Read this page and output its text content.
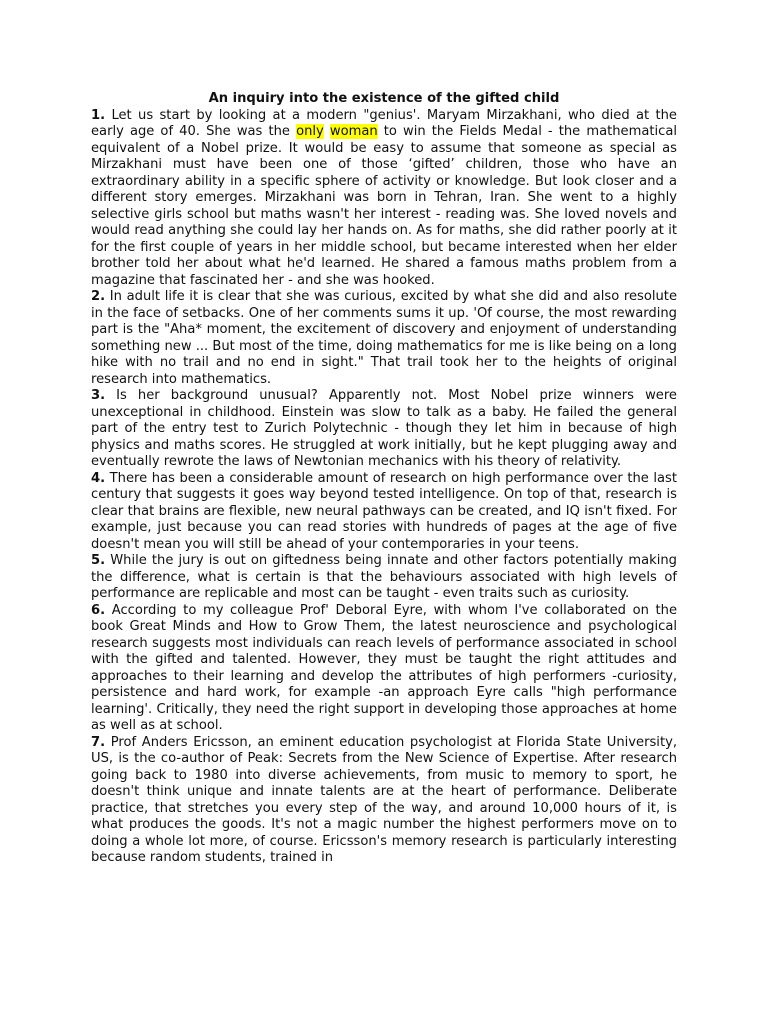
An inquiry into the existence of the gifted child

1. Let us start by looking at a modern "genius'. Maryam Mirzakhani, who died at the early age of 40. She was the only woman to win the Fields Medal - the mathematical equivalent of a Nobel prize. It would be easy to assume that someone as special as Mirzakhani must have been one of those ‘gifted’ children, those who have an extraordinary ability in a specific sphere of activity or knowledge. But look closer and a different story emerges. Mirzakhani was born in Tehran, Iran. She went to a highly selective girls school but maths wasn't her interest - reading was. She loved novels and would read anything she could lay her hands on. As for maths, she did rather poorly at it for the first couple of years in her middle school, but became interested when her elder brother told her about what he'd learned. He shared a famous maths problem from a magazine that fascinated her - and she was hooked.

2. In adult life it is clear that she was curious, excited by what she did and also resolute in the face of setbacks. One of her comments sums it up. 'Of course, the most rewarding part is the "Aha* moment, the excitement of discovery and enjoyment of understanding something new ... But most of the time, doing mathematics for me is like being on a long hike with no trail and no end in sight." That trail took her to the heights of original research into mathematics.

3. Is her background unusual? Apparently not. Most Nobel prize winners were unexceptional in childhood. Einstein was slow to talk as a baby. He failed the general part of the entry test to Zurich Polytechnic - though they let him in because of high physics and maths scores. He struggled at work initially, but he kept plugging away and eventually rewrote the laws of Newtonian mechanics with his theory of relativity.

4. There has been a considerable amount of research on high performance over the last century that suggests it goes way beyond tested intelligence. On top of that, research is clear that brains are flexible, new neural pathways can be created, and IQ isn't fixed. For example, just because you can read stories with hundreds of pages at the age of five doesn't mean you will still be ahead of your contemporaries in your teens.

5. While the jury is out on giftedness being innate and other factors potentially making the difference, what is certain is that the behaviours associated with high levels of performance are replicable and most can be taught - even traits such as curiosity.

6. According to my colleague Prof' Deboral Eyre, with whom I've collaborated on the book Great Minds and How to Grow Them, the latest neuroscience and psychological research suggests most individuals can reach levels of performance associated in school with the gifted and talented. However, they must be taught the right attitudes and approaches to their learning and develop the attributes of high performers -curiosity, persistence and hard work, for example -an approach Eyre calls "high performance learning'. Critically, they need the right support in developing those approaches at home as well as at school.

7. Prof Anders Ericsson, an eminent education psychologist at Florida State University, US, is the co-author of Peak: Secrets from the New Science of Expertise. After research going back to 1980 into diverse achievements, from music to memory to sport, he doesn't think unique and innate talents are at the heart of performance. Deliberate practice, that stretches you every step of the way, and around 10,000 hours of it, is what produces the goods. It's not a magic number the highest performers move on to doing a whole lot more, of course. Ericsson's memory research is particularly interesting because random students, trained in
